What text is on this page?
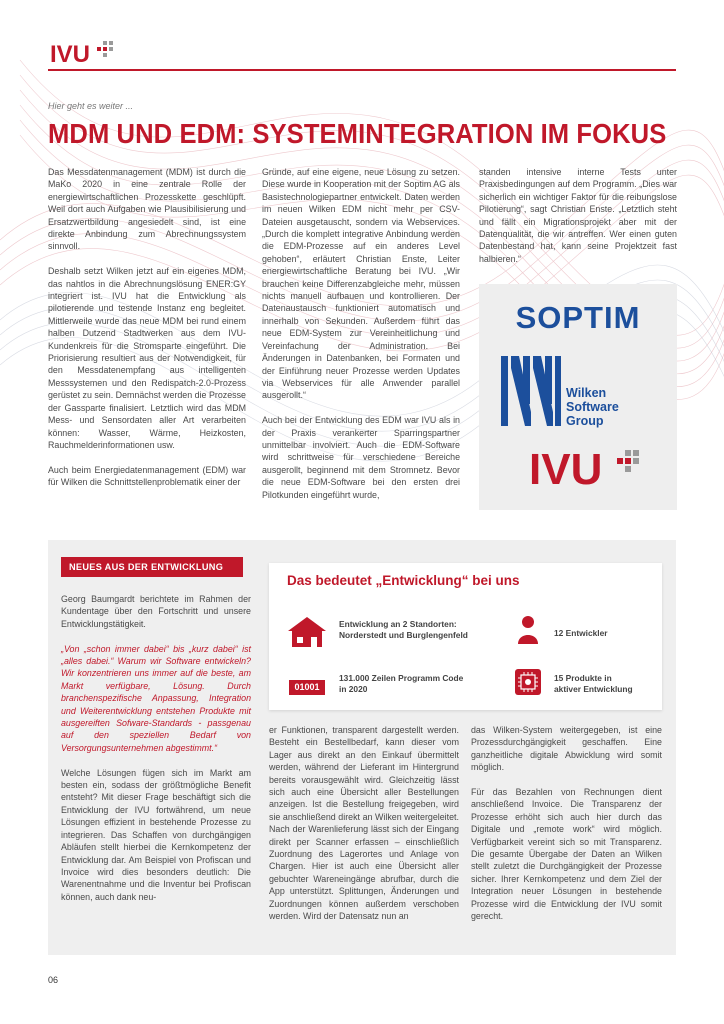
IVU
Hier geht es weiter ...
MDM UND EDM: SYSTEMINTEGRATION IM FOKUS

Das Messdatenmanagement (MDM) ist durch die MaKo 2020 in eine zentrale Rolle der energiewirtschaftlichen Prozesskette geschlüpft. Weil dort auch Aufgaben wie Plausibilisierung und Ersatzwertbildung angesiedelt sind, ist eine direkte Anbindung zum Abrechnungssystem sinnvoll.

Deshalb setzt Wilken jetzt auf ein eigenes MDM, das nahtlos in die Abrechnungslösung ENER:GY integriert ist. IVU hat die Entwicklung als pilotierende und testende Instanz eng begleitet. Mittlerweile wurde das neue MDM bei rund einem halben Dutzend Stadtwerken aus dem IVU-Kundenkreis für die Stromsparte eingeführt. Die Priorisierung resultiert aus der Notwendigkeit, für den Messdatenempfang aus intelligenten Messsystemen und den Redispatch-2.0-Prozess gerüstet zu sein. Demnächst werden die Prozesse der Gassparte finalisiert. Letztlich wird das MDM Mess- und Sensordaten aller Art verarbeiten können: Wasser, Wärme, Heizkosten, Rauchmelderinformationen usw.

Auch beim Energiedatenmanagement (EDM) war für Wilken die Schnittstellenproblematik einer der

Gründe, auf eine eigene, neue Lösung zu setzen. Diese wurde in Kooperation mit der Soptim AG als Basistechnologiepartner entwickelt. Daten werden im neuen Wilken EDM nicht mehr per CSV-Dateien ausgetauscht, sondern via Webservices. „Durch die komplett integrative Anbindung werden die EDM-Prozesse auf ein anderes Level gehoben“, erläutert Christian Enste, Leiter energiewirtschaftliche Beratung bei IVU. „Wir brauchen keine Differenzabgleiche mehr, müssen nichts manuell aufbauen und kontrollieren. Der Datenaustausch funktioniert automatisch und innerhalb von Sekunden. Außerdem führt das neue EDM-System zur Vereinheitlichung und Vereinfachung der Administration. Bei Änderungen in Datenbanken, bei Formaten und der Einführung neuer Prozesse werden Updates via Webservices für alle Anwender parallel ausgerollt.“

Auch bei der Entwicklung des EDM war IVU als in der Praxis verankerter Sparringspartner unmittelbar involviert. Auch die EDM-Software wird schrittweise für verschiedene Bereiche ausgerollt, beginnend mit dem Stromnetz. Bevor die neue EDM-Software bei den ersten drei Pilotkunden eingeführt wurde,

standen intensive interne Tests unter Praxisbedingungen auf dem Programm. „Dies war sicherlich ein wichtiger Faktor für die reibungslose Pilotierung“, sagt Christian Enste. „Letztlich steht und fällt ein Migrationsprojekt aber mit der Datenqualität, die wir antreffen. Wer einen guten Datenbestand hat, kann seine Projektzeit fast halbieren.“

SOPTIM
Wilken
Software
Group
IVU
NEUES AUS DER ENTWICKLUNG

Georg Baumgardt berichtete im Rahmen der Kundentage über den Fortschritt und unsere Entwicklungstätigkeit.

„Von „schon immer dabei“ bis „kurz dabei“ ist „alles dabei.“ Warum wir Software entwickeln? Wir konzentrieren uns immer auf die beste, am Markt verfügbare, Lösung. Durch branchenspezifische Anpassung, Integration und Weiterentwicklung entstehen Produkte mit ausgereiften Sofware-Standards - passgenau auf den speziellen Bedarf von Versorgungsunternehmen abgestimmt.“

Welche Lösungen fügen sich im Markt am besten ein, sodass der größtmögliche Benefit entsteht? Mit dieser Frage beschäftigt sich die Entwicklung der IVU fortwährend, um neue Lösungen effizient in bestehende Prozesse zu integrieren. Das Schaffen von durchgängigen Abläufen stellt hierbei die Kernkompetenz der Entwicklung dar. Am Beispiel von Profiscan und Invoice wird dies besonders deutlich: Die Warenentnahme und die Inventur bei Profiscan können, auch dank neu-

Das bedeutet „Entwicklung“ bei uns
Entwicklung an 2 Standorten:
Norderstedt und Burglengenfeld	12 Entwickler
01001
131.000 Zeilen Programm Code
in 2020
15 Produkte in
aktiver Entwicklung

er Funktionen, transparent dargestellt werden. Besteht ein Bestellbedarf, kann dieser vom Lager aus direkt an den Einkauf übermittelt werden, während der Lieferant im Hintergrund bereits vorausgewählt wird. Gleichzeitig lässt sich auch eine Übersicht aller Bestellungen anzeigen. Ist die Bestellung freigegeben, wird sie anschließend direkt an Wilken weitergeleitet. Nach der Warenlieferung lässt sich der Eingang direkt per Scanner erfassen – einschließlich Zuordnung des Lagerortes und Anlage von Chargen. Hier ist auch eine Übersicht aller gebuchter Wareneingänge abrufbar, durch die App unterstützt. Splittungen, Änderungen und Zuordnungen können außerdem verschoben werden. Wird der Datensatz nun an

das Wilken-System weitergegeben, ist eine Prozessdurchgängigkeit geschaffen. Eine ganzheitliche digitale Abwicklung wird somit möglich.

Für das Bezahlen von Rechnungen dient anschließend Invoice. Die Transparenz der Prozesse erhöht sich auch hier durch das Digitale und „remote work“ wird möglich. Verfügbarkeit vereint sich so mit Transparenz. Die gesamte Übergabe der Daten an Wilken stellt zuletzt die Durchgängigkeit der Prozesse sicher. Ihrer Kernkompetenz und dem Ziel der Integration neuer Lösungen in bestehende Prozesse wird die Entwicklung der IVU somit gerecht.

06
